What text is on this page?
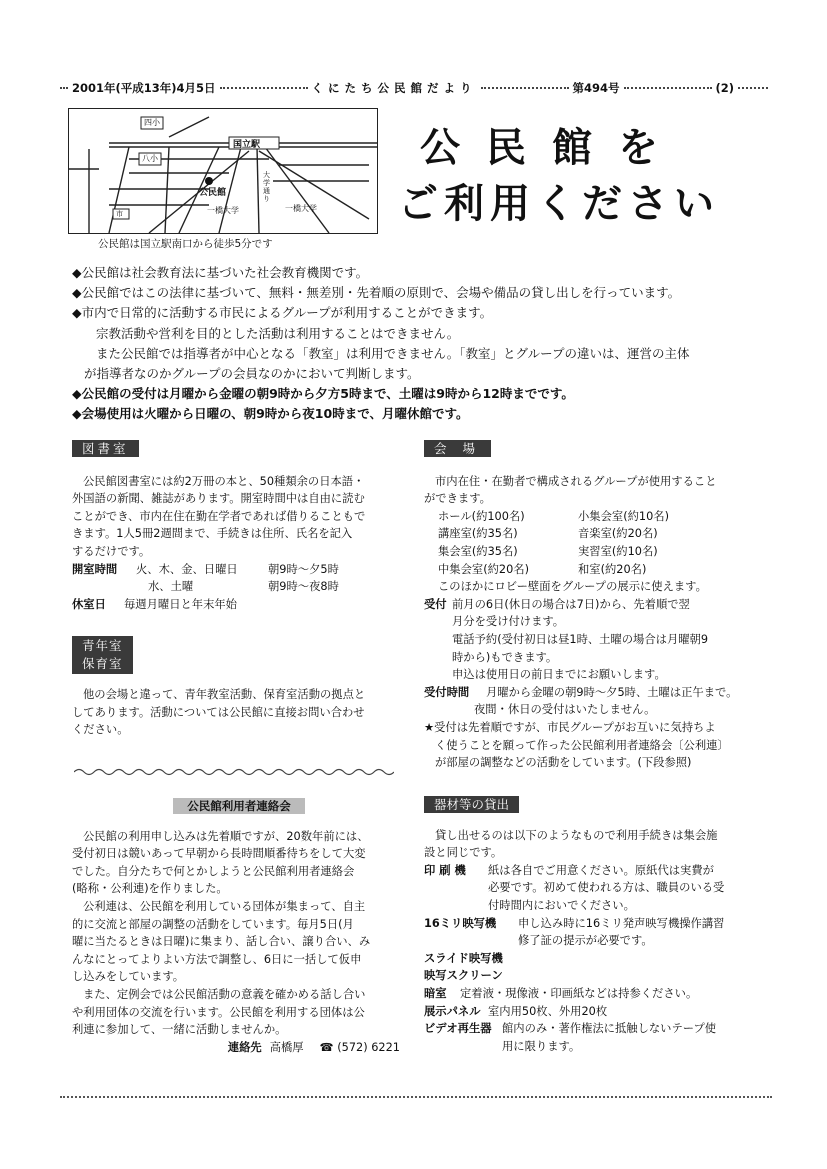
2001年(平成13年)4月5日	くにたち公民館だより	第494号	(2)
四小
国立駅
八小
公民館
大学通り
一橋大学	一橋大学
市
公民館は国立駅南口から徒歩5分です
公民館を
ご利用ください
◆公民館は社会教育法に基づいた社会教育機関です。
◆公民館ではこの法律に基づいて、無料・無差別・先着順の原則で、会場や備品の貸し出しを行っています。
◆市内で日常的に活動する市民によるグループが利用することができます。
宗教活動や営利を目的とした活動は利用することはできません。
また公民館では指導者が中心となる「教室」は利用できません。「教室」とグループの違いは、運営の主体
が指導者なのかグループの会員なのかにおいて判断します。
◆公民館の受付は月曜から金曜の朝9時から夕方5時まで、土曜は9時から12時までです。
◆会場使用は火曜から日曜の、朝9時から夜10時まで、月曜休館です。
図書室

公民館図書室には約2万冊の本と、50種類余の日本語・

外国語の新聞、雑誌があります。開室時間中は自由に読む

ことができ、市内在住在勤在学者であれば借りることもで

きます。1人5冊2週間まで、手続きは住所、氏名を記入

するだけです。

開室時間	火、木、金、日曜日	朝9時～夕5時
水、土曜	朝9時～夜8時
休室日	毎週月曜日と年末年始
青年室
保育室

他の会場と違って、青年教室活動、保育室活動の拠点と

してあります。活動については公民館に直接お問い合わせ

ください。

公民館利用者連絡会

公民館の利用申し込みは先着順ですが、20数年前には、

受付初日は競いあって早朝から長時間順番待ちをして大変

でした。自分たちで何とかしようと公民館利用者連絡会

(略称・公利連)を作りました。

公利連は、公民館を利用している団体が集まって、自主

的に交流と部屋の調整の活動をしています。毎月5日(月

曜に当たるときは日曜)に集まり、話し合い、譲り合い、み

んなにとってよりよい方法で調整し、6日に一括して仮申

し込みをしています。

また、定例会では公民館活動の意義を確かめる話し合い

や利用団体の交流を行います。公民館を利用する団体は公

利連に参加して、一緒に活動しませんか。

連絡先 高橋厚 ☎ (572) 6221
会 場

市内在住・在勤者で構成されるグループが使用すること

ができます。

ホール(約100名)	小集会室(約10名)
講座室(約35名)	音楽室(約20名)
集会室(約35名)	実習室(約10名)
中集会室(約20名)	和室(約20名)

このほかにロビー壁面をグループの展示に使えます。

受付 前月の6日(休日の場合は7日)から、先着順で翌

月分を受け付けます。

電話予約(受付初日は昼1時、土曜の場合は月曜朝9

時から)もできます。

申込は使用日の前日までにお願いします。

受付時間	月曜から金曜の朝9時～夕5時、土曜は正午まで。

夜間・休日の受付はいたしません。

★受付は先着順ですが、市民グループがお互いに気持ちよ

く使うことを願って作った公民館利用者連絡会〔公利連〕

が部屋の調整などの活動をしています。(下段参照)

器材等の貸出

貸し出せるのは以下のようなもので利用手続きは集会施

設と同じです。

印 刷 機	紙は各自でご用意ください。原紙代は実費が

必要です。初めて使われる方は、職員のいる受

付時間内においでください。

16ミリ映写機	申し込み時に16ミリ発声映写機操作講習

修了証の提示が必要です。

スライド映写機

映写スクリーン

暗室	定着液・現像液・印画紙などは持参ください。
展示パネル 室内用50枚、外用20枚
ビデオ再生器 館内のみ・著作権法に抵触しないテープ使

用に限ります。
